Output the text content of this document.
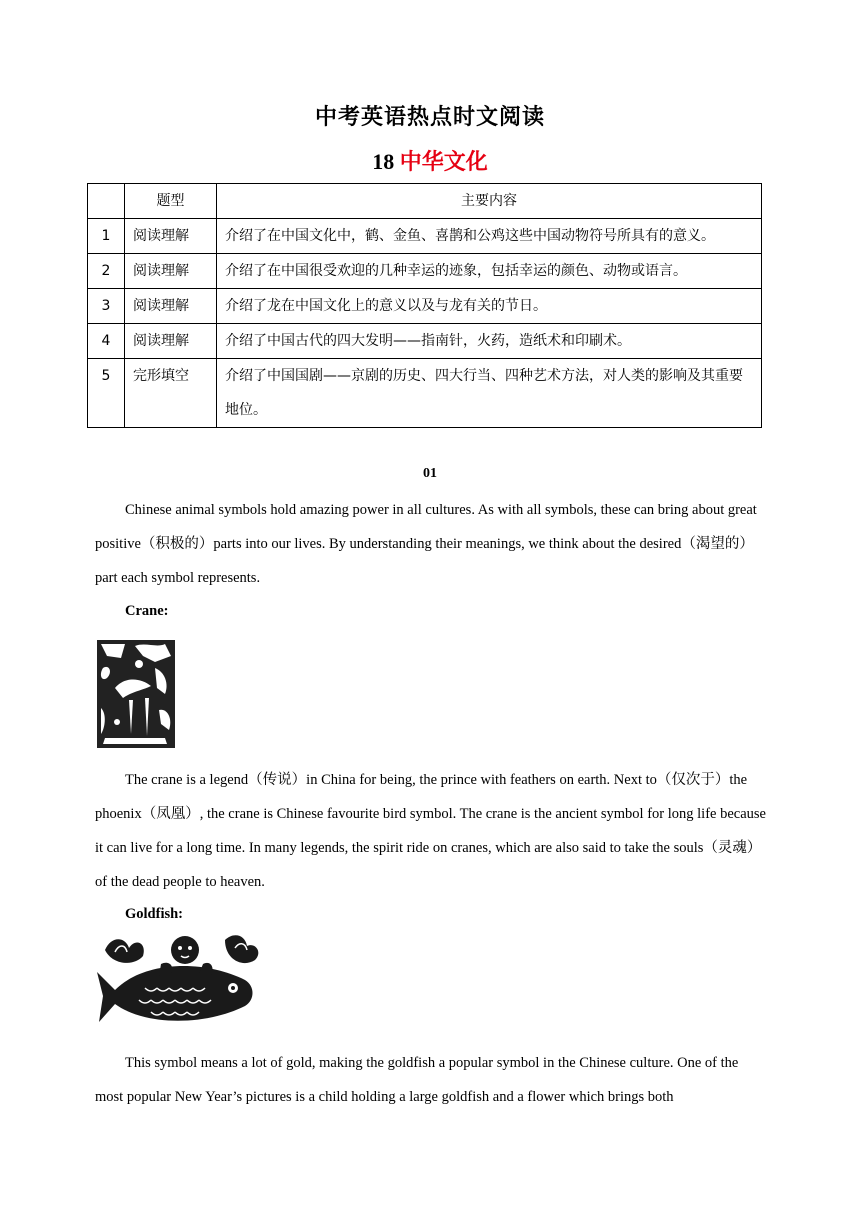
中考英语热点时文阅读
18 中华文化
	题型	主要内容
1	阅读理解	介绍了在中国文化中，鹤、金鱼、喜鹊和公鸡这些中国动物符号所具有的意义。
2	阅读理解	介绍了在中国很受欢迎的几种幸运的迹象，包括幸运的颜色、动物或语言。
3	阅读理解	介绍了龙在中国文化上的意义以及与龙有关的节日。
4	阅读理解	介绍了中国古代的四大发明——指南针，火药，造纸术和印刷术。
5	完形填空	介绍了中国国剧——京剧的历史、四大行当、四种艺术方法，对人类的影响及其重要地位。
01

Chinese animal symbols hold amazing power in all cultures. As with all symbols, these can bring about great positive（积极的）parts into our lives. By understanding their meanings, we think about the desired（渴望的）part each symbol represents.

Crane:

The crane is a legend（传说）in China for being, the prince with feathers on earth. Next to（仅次于）the phoenix（凤凰）, the crane is Chinese favourite bird symbol. The crane is the ancient symbol for long life because it can live for a long time. In many legends, the spirit ride on cranes, which are also said to take the souls（灵魂）of the dead people to heaven.

Goldfish:

This symbol means a lot of gold, making the goldfish a popular symbol in the Chinese culture. One of the most popular New Year’s pictures is a child holding a large goldfish and a flower which brings both
